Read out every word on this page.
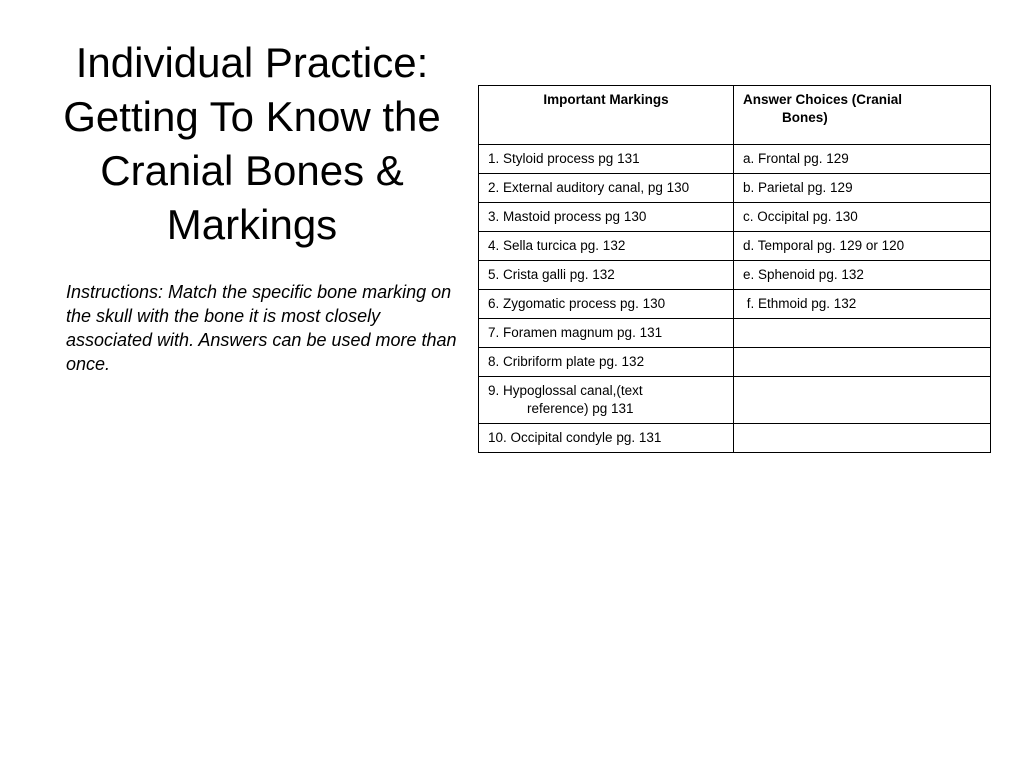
Individual Practice:
Getting To Know the
Cranial Bones &
Markings

Instructions: Match the specific bone marking on the skull with the bone it is most closely associated with. Answers can be used more than once.

Important Markings	Answer Choices (Cranial
Bones)

1. Styloid process pg 131	a. Frontal pg. 129
2. External auditory canal, pg 130	b. Parietal pg. 129
3. Mastoid process pg 130	c. Occipital pg. 130
4. Sella turcica pg. 132	d. Temporal pg. 129 or 120
5. Crista galli pg. 132	e. Sphenoid pg. 132
6. Zygomatic process pg. 130	f. Ethmoid pg. 132
7. Foramen magnum pg. 131	
8. Cribriform plate pg. 132	

9. Hypoglossal canal,(text
reference) pg 131	

10. Occipital condyle pg. 131	
